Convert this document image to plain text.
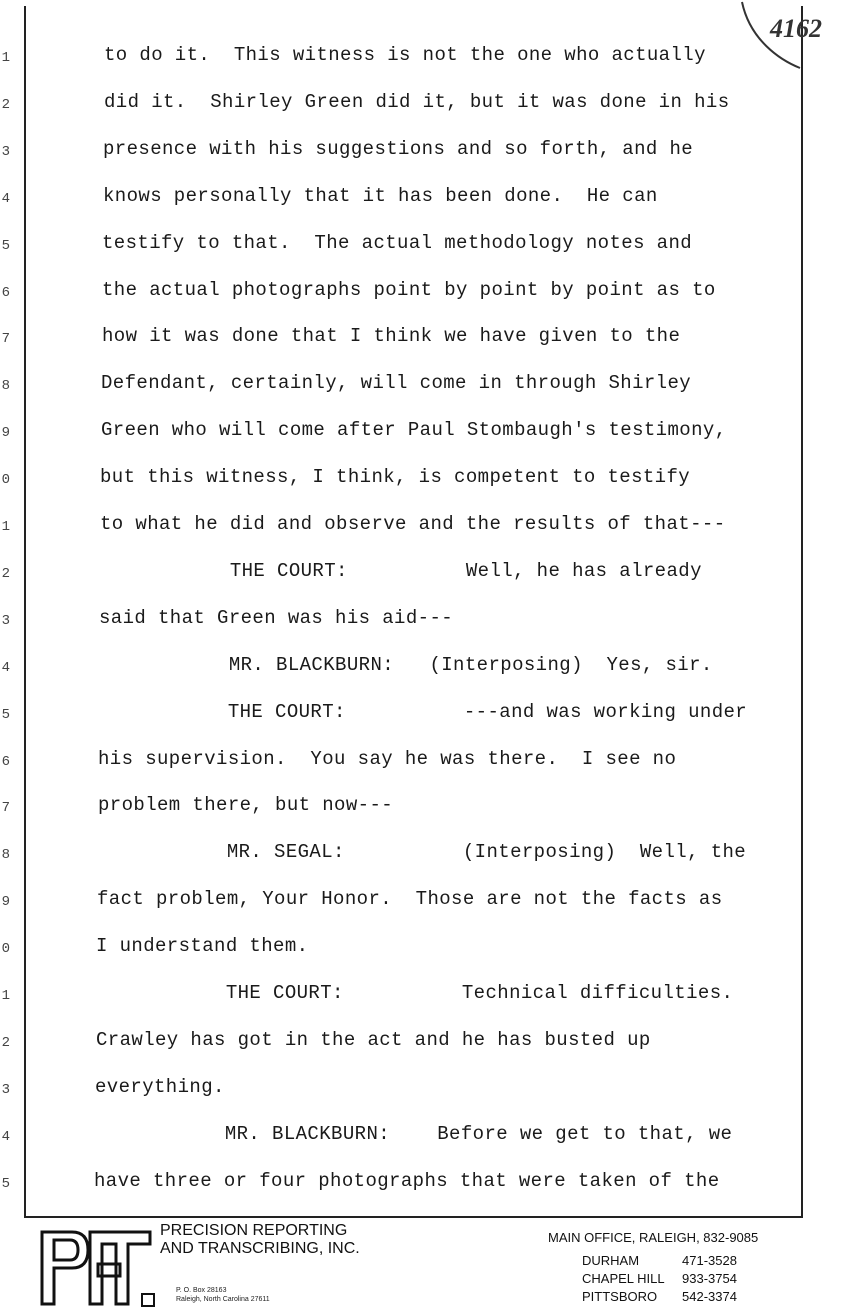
4162
1
2
3
4
5
6
7
8
9
0
1
2
3
4
5
6
7
8
9
0
1
2
3
4
5
to do it.  This witness is not the one who actually
did it.  Shirley Green did it, but it was done in his
presence with his suggestions and so forth, and he
knows personally that it has been done.  He can
testify to that.  The actual methodology notes and
the actual photographs point by point by point as to
how it was done that I think we have given to the
Defendant, certainly, will come in through Shirley
Green who will come after Paul Stombaugh's testimony,
but this witness, I think, is competent to testify
to what he did and observe and the results of that---
THE COURT:          Well, he has already
said that Green was his aid---
MR. BLACKBURN:   (Interposing)  Yes, sir.
THE COURT:          ---and was working under
his supervision.  You say he was there.  I see no
problem there, but now---
MR. SEGAL:          (Interposing)  Well, the
fact problem, Your Honor.  Those are not the facts as
I understand them.
THE COURT:          Technical difficulties.
Crawley has got in the act and he has busted up
everything.
MR. BLACKBURN:    Before we get to that, we
have three or four photographs that were taken of the
PRECISION REPORTING
AND TRANSCRIBING, INC.
P. O. Box 28163
Raleigh, North Carolina 27611
MAIN OFFICE, RALEIGH, 832-9085
DURHAM	471-3528
CHAPEL HILL 933-3754
PITTSBORO 542-3374
